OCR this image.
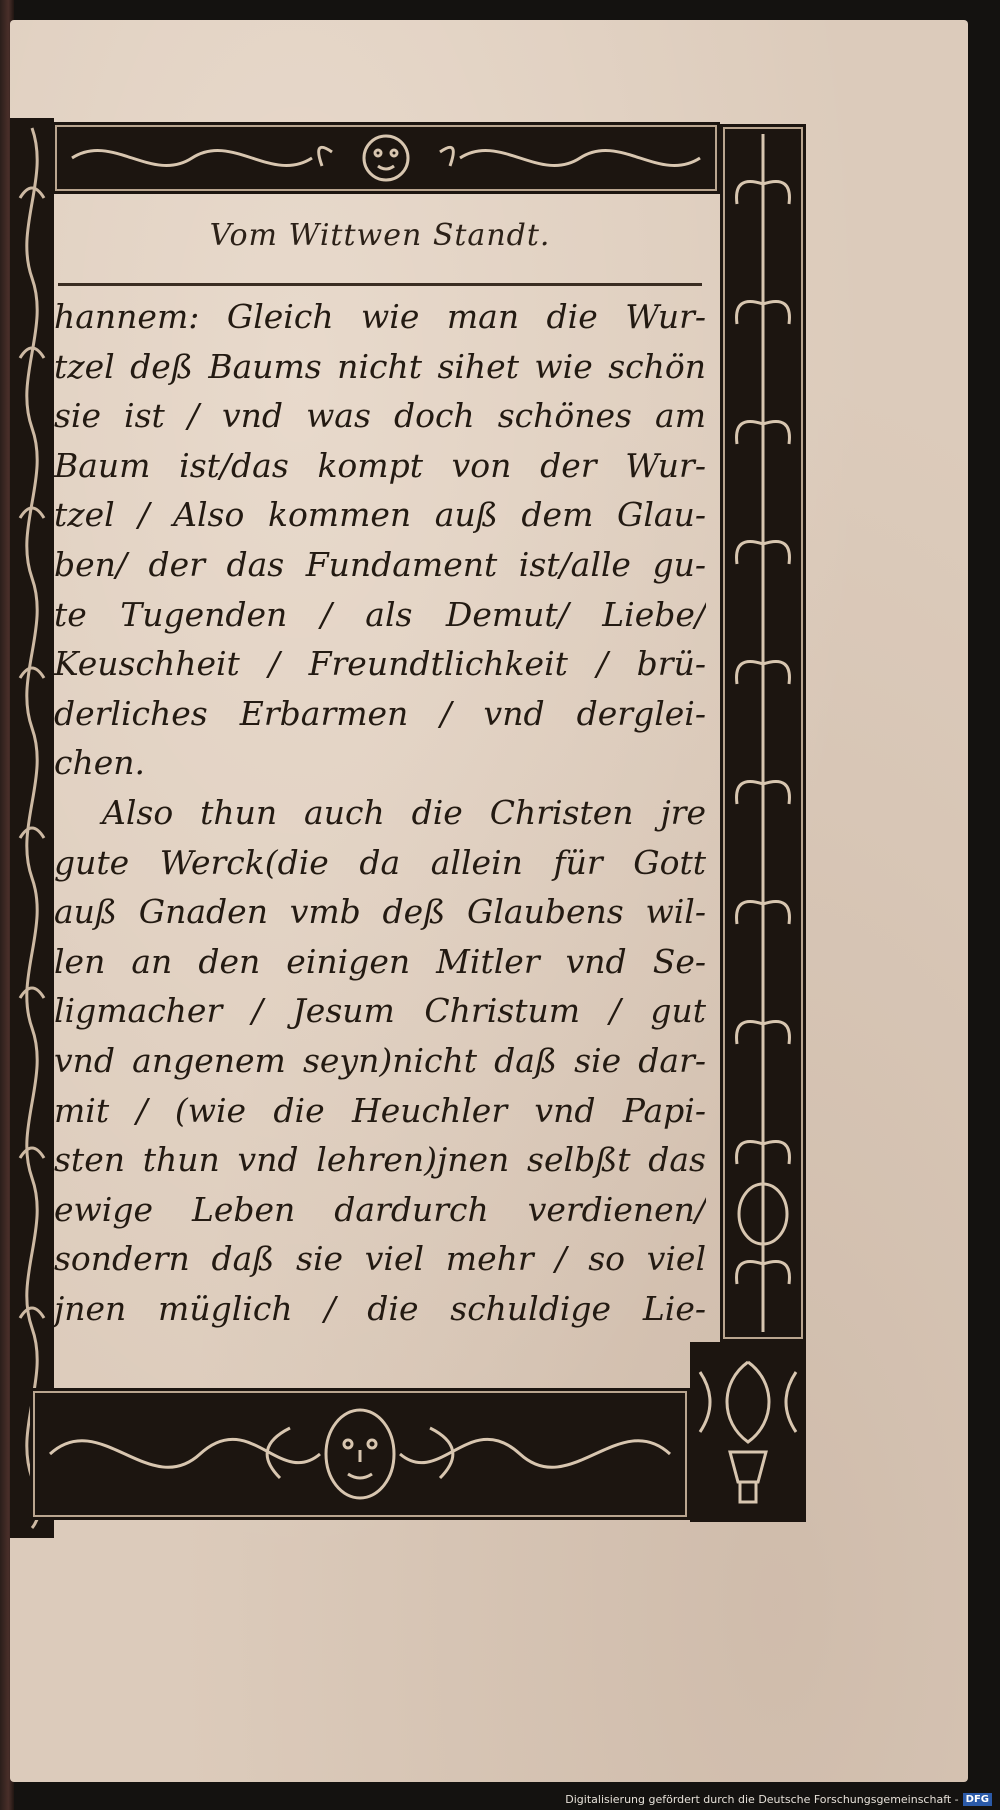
Vom Wittwen Standt.
hannem: Gleich wie man die Wur-
tzel deß Baums nicht sihet wie schön
sie ist / vnd was doch schönes am
Baum ist/das kompt von der Wur-
tzel / Also kommen auß dem Glau-
ben/ der das Fundament ist/alle gu-
te Tugenden / als Demut/ Liebe/
Keuschheit / Freundtlichkeit / brü-
derliches Erbarmen / vnd derglei-
chen.
Also thun auch die Christen jre
gute Werck(die da allein für Gott
auß Gnaden vmb deß Glaubens wil-
len an den einigen Mitler vnd Se-
ligmacher / Jesum Christum / gut
vnd angenem seyn)nicht daß sie dar-
mit / (wie die Heuchler vnd Papi-
sten thun vnd lehren)jnen selbßt das
ewige Leben dardurch verdienen/
sondern daß sie viel mehr / so viel
jnen müglich / die schuldige Lie-
Digitalisierung gefördert durch die Deutsche Forschungsgemeinschaft - DFG
